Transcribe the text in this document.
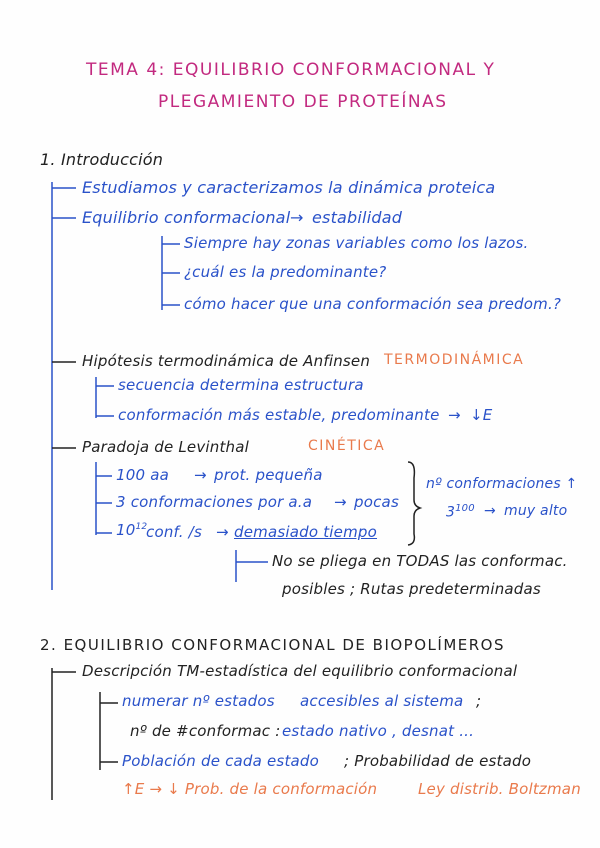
TEMA 4: EQUILIBRIO CONFORMACIONAL Y
PLEGAMIENTO DE PROTEÍNAS
1. Introducción
Estudiamos y caracterizamos la dinámica proteica
Equilibrio conformacional → estabilidad
Siempre hay zonas variables como los lazos.
¿cuál es la predominante?
cómo hacer que una conformación sea predom.?
Hipótesis termodinámica de Anfinsen TERMODINÁMICA
secuencia determina estructura
conformación más estable, predominante → ↓E
Paradoja de Levinthal	CINÉTICA
100 aa → prot. pequeña
3 conformaciones por a.a → pocas
nº conformaciones ↑
$3^{100}$ → muy alto
$10^{12}$
conf. /s → demasiado tiempo
No se pliega en TODAS las conformac.
posibles ; Rutas predeterminadas
2. EQUILIBRIO CONFORMACIONAL DE BIOPOLÍMEROS
Descripción TM-estadística del equilibrio conformacional
numerar nº estados accesibles al sistema ;
nº de #conformac : estado nativo , desnat ...
Población de cada estado ; Probabilidad de estado
↑E → ↓ Prob. de la conformación	Ley distrib. Boltzman
